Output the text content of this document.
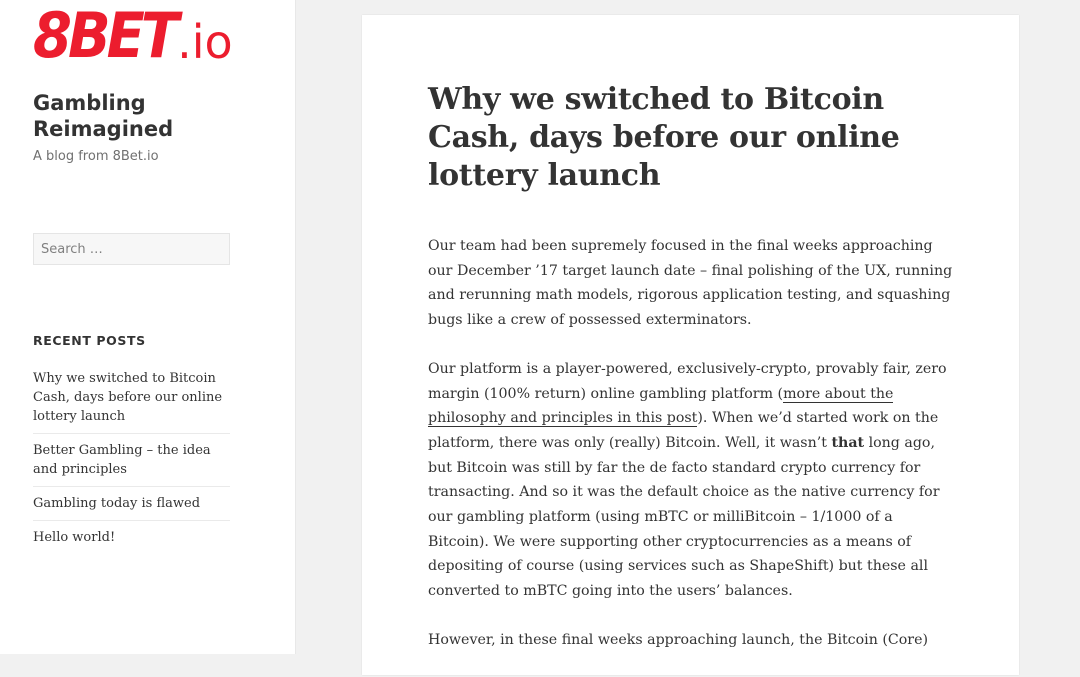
8BET.io
Gambling Reimagined
A blog from 8Bet.io
Search …
RECENT POSTS
Why we switched to Bitcoin Cash, days before our online lottery launch
Better Gambling – the idea and principles
Gambling today is flawed
Hello world!
Why we switched to Bitcoin Cash, days before our online lottery launch

Our team had been supremely focused in the final weeks approaching our December ’17 target launch date – final polishing of the UX, running and rerunning math models, rigorous application testing, and squashing bugs like a crew of possessed exterminators.

Our platform is a player-powered, exclusively-crypto, provably fair, zero margin (100% return) online gambling platform (more about the philosophy and principles in this post). When we’d started work on the platform, there was only (really) Bitcoin. Well, it wasn’t that long ago, but Bitcoin was still by far the de facto standard crypto currency for transacting. And so it was the default choice as the native currency for our gambling platform (using mBTC or milliBitcoin – 1/1000 of a Bitcoin). We were supporting other cryptocurrencies as a means of depositing of course (using services such as ShapeShift) but these all converted to mBTC going into the users’ balances.

However, in these final weeks approaching launch, the Bitcoin (Core)
